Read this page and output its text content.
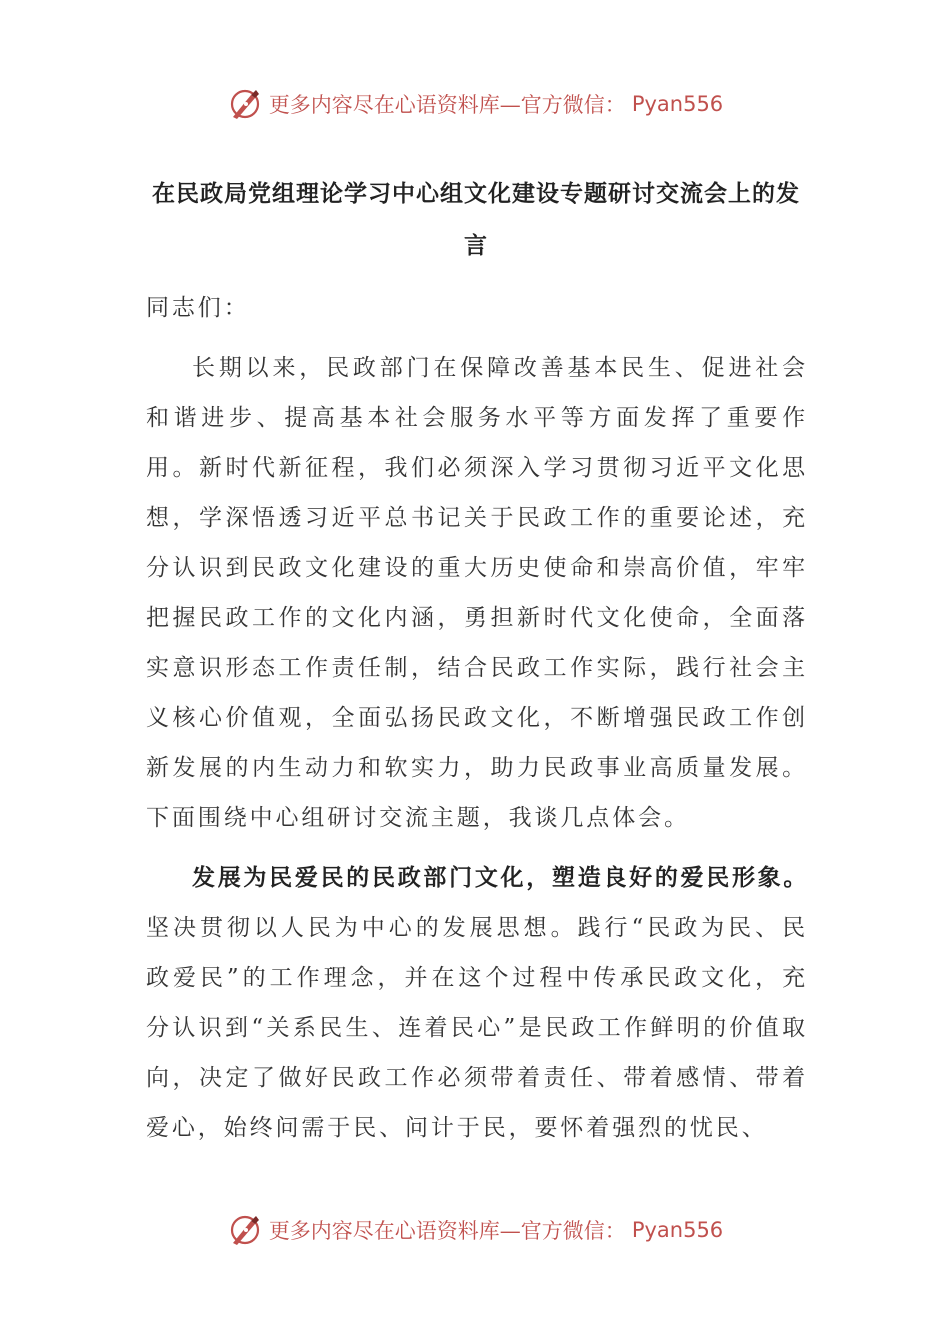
更多内容尽在心语资料库—官方微信： Pyan556
在民政局党组理论学习中心组文化建设专题研讨交流会上的发言

同志们：

长期以来，民政部门在保障改善基本民生、促进社会和谐进步、提高基本社会服务水平等方面发挥了重要作用。新时代新征程，我们必须深入学习贯彻习近平文化思想，学深悟透习近平总书记关于民政工作的重要论述，充分认识到民政文化建设的重大历史使命和崇高价值，牢牢把握民政工作的文化内涵，勇担新时代文化使命，全面落实意识形态工作责任制，结合民政工作实际，践行社会主义核心价值观，全面弘扬民政文化，不断增强民政工作创新发展的内生动力和软实力，助力民政事业高质量发展。下面围绕中心组研讨交流主题，我谈几点体会。

发展为民爱民的民政部门文化，塑造良好的爱民形象。坚决贯彻以人民为中心的发展思想。践行“民政为民、民政爱民”的工作理念，并在这个过程中传承民政文化，充分认识到“关系民生、连着民心”是民政工作鲜明的价值取向，决定了做好民政工作必须带着责任、带着感情、带着爱心，始终问需于民、问计于民，要怀着强烈的忧民、

更多内容尽在心语资料库—官方微信： Pyan556
